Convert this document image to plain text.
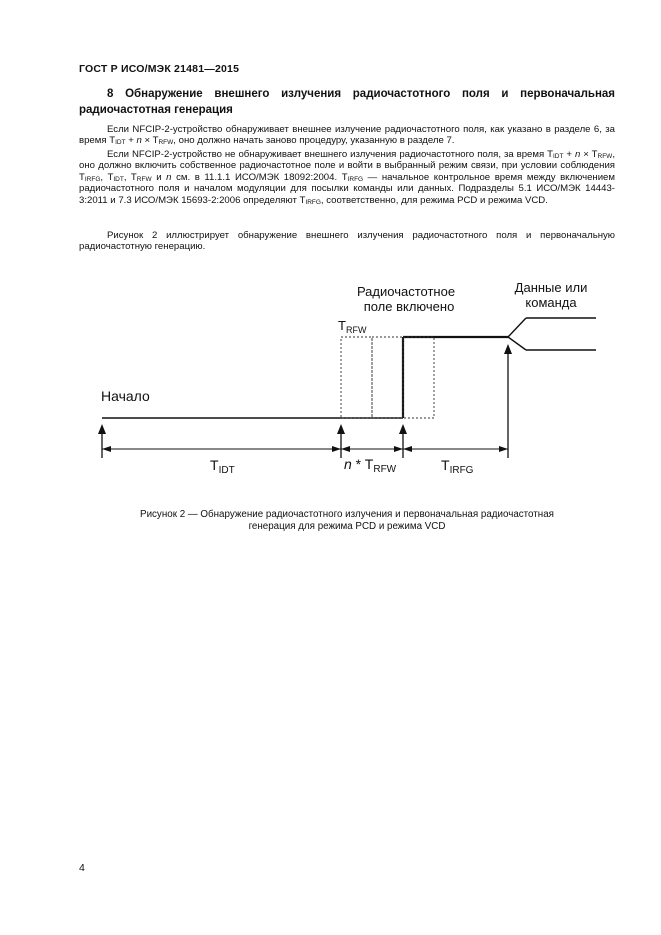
ГОСТ Р ИСО/МЭК 21481—2015
8 Обнаружение внешнего излучения радиочастотного поля и первоначальная радиочастотная генерация

Если NFCIP-2-устройство обнаруживает внешнее излучение радиочастотного поля, как указано в разделе 6, за время $T_{IDT} + n \times T_{RFW}$, оно должно начать заново процедуру, указанную в разделе 7.

Если NFCIP-2-устройство не обнаруживает внешнего излучения радиочастотного поля, за время $T_{IDT} + n \times T_{RFW}$, оно должно включить собственное радиочастотное поле и войти в выбранный режим связи, при условии соблюдения $T_{IRFG}$, $T_{IDT}$, $T_{RFW}$ и n см. в 11.1.1 ИСО/МЭК 18092:2004. $T_{IRFG}$ — начальное контрольное время между включением радиочастотного поля и началом модуляции для посылки команды или данных. Подразделы 5.1 ИСО/МЭК 14443-3:2011 и 7.3 ИСО/МЭК 15693-2:2006 определяют $T_{IRFG}$, соответственно, для режима PCD и режима VCD.

Рисунок 2 иллюстрирует обнаружение внешнего излучения радиочастотного поля и первоначальную радиочастотную генерацию.

Радиочастотное
поле включено
Данные или
команда
$T_{RFW}$
Начало
$T_{IDT}$	n * $T_{RFW}$	$T_{IRFG}$
Рисунок 2 — Обнаружение радиочастотного излучения и первоначальная радиочастотная
генерация для режима PCD и режима VCD
4
